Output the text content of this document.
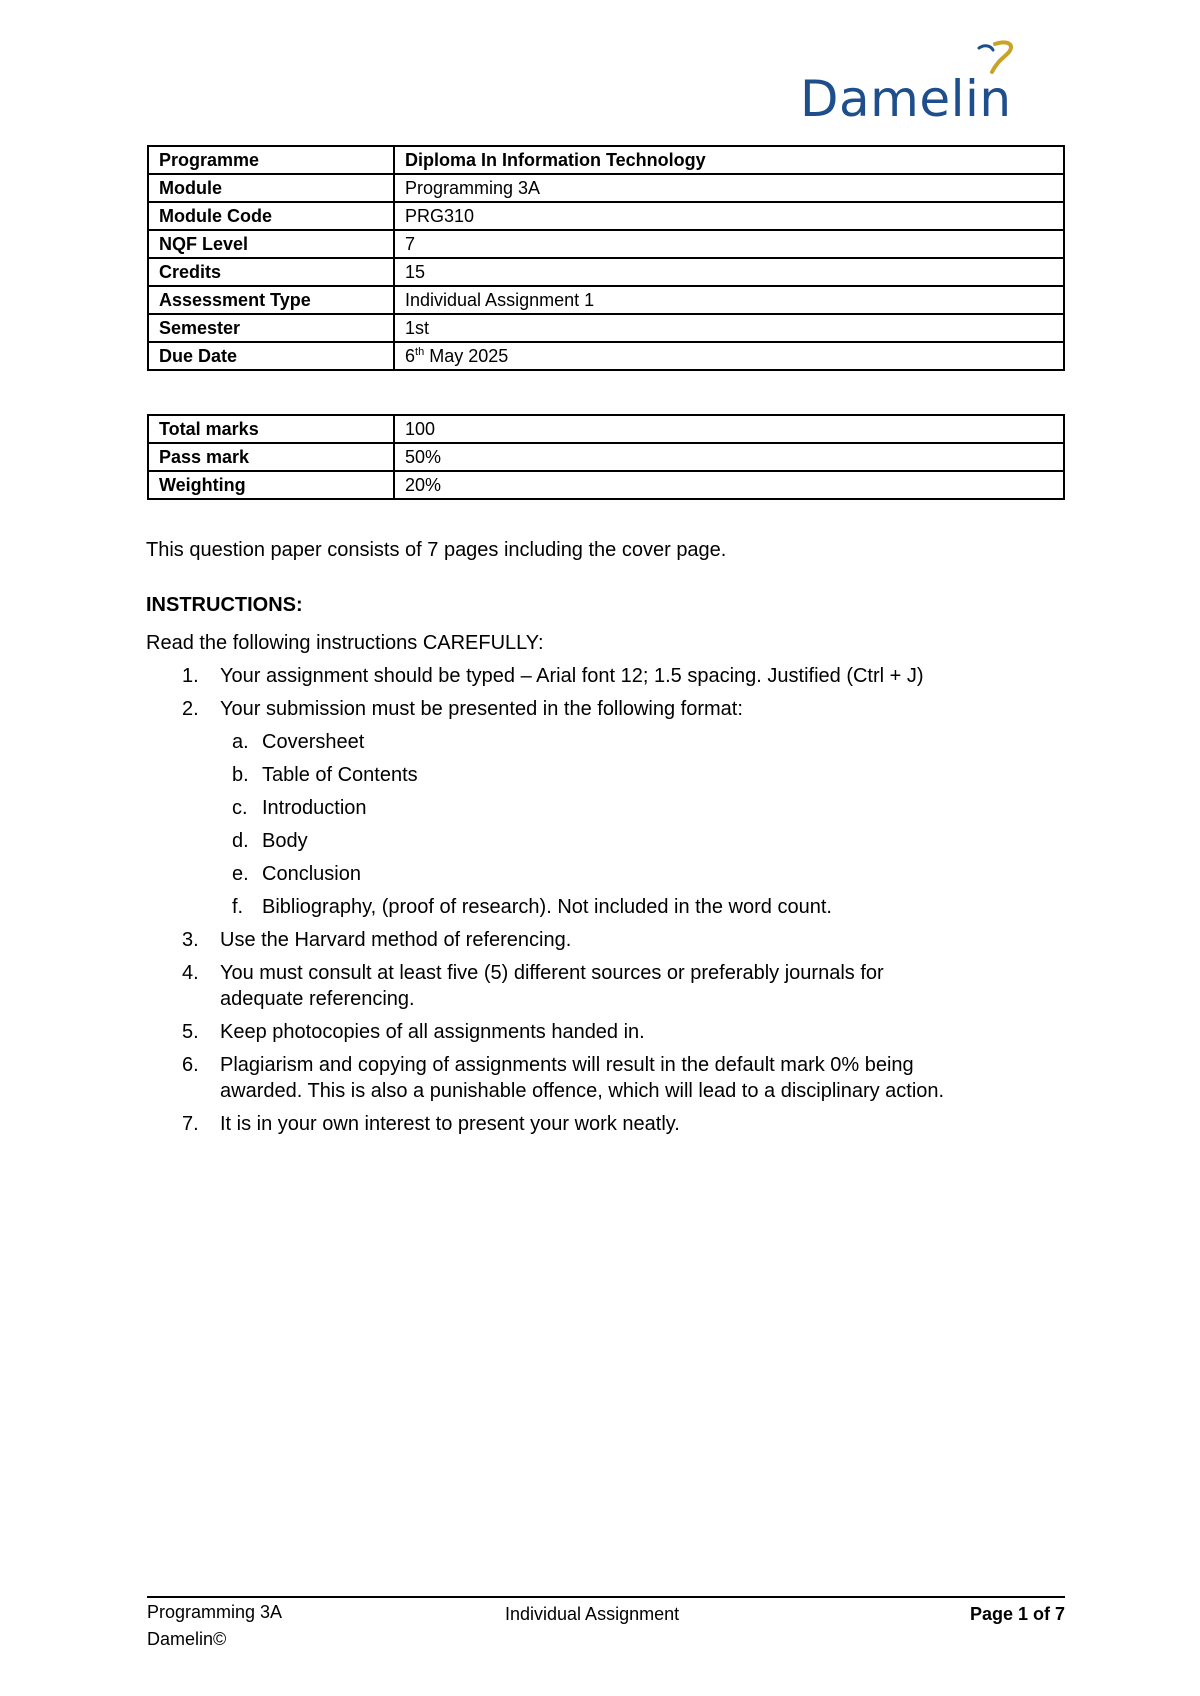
Damelin
Programme	Diploma In Information Technology
Module	Programming 3A
Module Code	PRG310
NQF Level	7
Credits	15
Assessment Type	Individual Assignment 1
Semester	1st
Due Date	6th May 2025
Total marks	100
Pass mark	50%
Weighting	20%
This question paper consists of 7 pages including the cover page.
INSTRUCTIONS:
Read the following instructions CAREFULLY:
1. Your assignment should be typed – Arial font 12; 1.5 spacing. Justified (Ctrl + J)
2. Your submission must be presented in the following format:
a. Coversheet
b. Table of Contents
c. Introduction
d. Body
e. Conclusion
f. Bibliography, (proof of research). Not included in the word count.
3. Use the Harvard method of referencing.
4. You must consult at least five (5) different sources or preferably journals for
adequate referencing.
5. Keep photocopies of all assignments handed in.
6. Plagiarism and copying of assignments will result in the default mark 0% being
awarded. This is also a punishable offence, which will lead to a disciplinary action.
7. It is in your own interest to present your work neatly.
Programming 3A	Individual Assignment	Page 1 of 7
Damelin©
